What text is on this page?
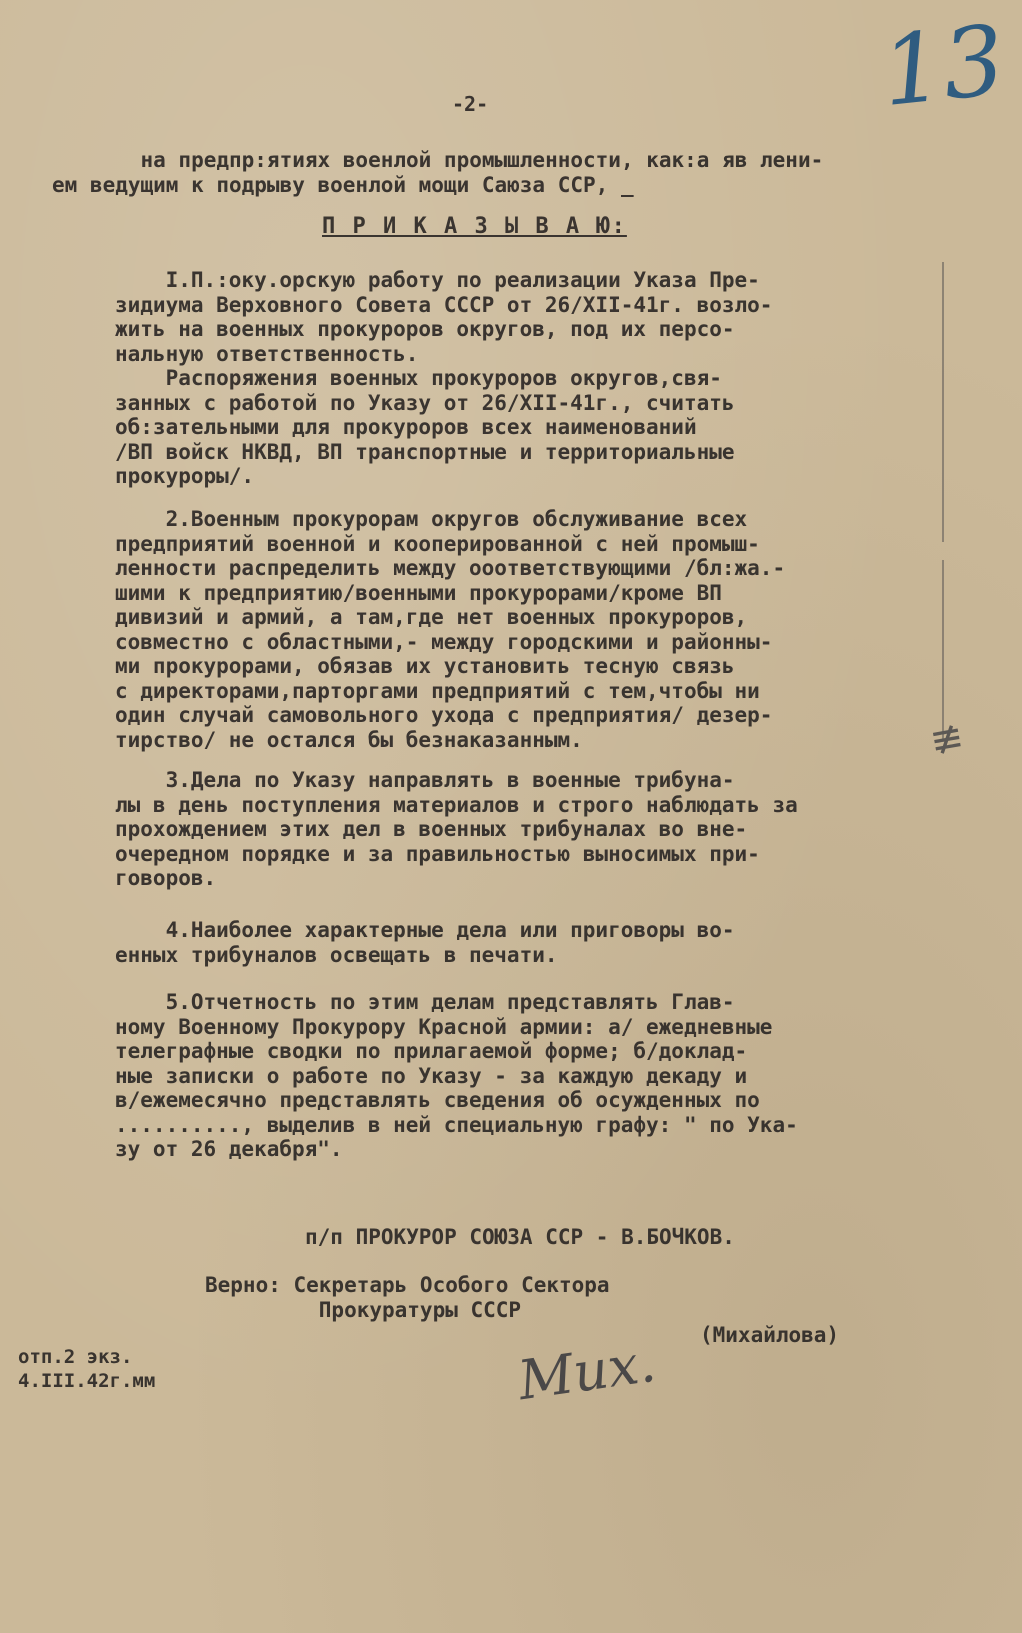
-2-
на предпр:ятиях военлой промышленности, как:а яв лени-
ем ведущим к подрыву военлой мощи Саюза ССР, _
П Р И К А З Ы В А Ю:
I.П.:оку.орскую работу по реализации Указа Пре-
зидиума Верховного Совета СССР от 26/XII-41г. возло-
жить на военных прокуроров округов, под их персо-
нальную ответственность.
Распоряжения военных прокуроров округов,свя-
занных с работой по Указу от 26/XII-41г., считать
об:зательными для прокуроров всех наименований
/ВП войск НКВД, ВП транспортные и территориальные
прокуроры/.
2.Военным прокурорам округов обслуживание всех
предприятий военной и кооперированной с ней промыш-
ленности распределить между ооответствующими /бл:жа.-
шими к предприятию/военными прокурорами/кроме ВП
дивизий и армий, а там,где нет военных прокуроров,
совместно с областными,- между городскими и районны-
ми прокурорами, обязав их установить тесную связь
с директорами,парторгами предприятий с тем,чтобы ни
один случай самовольного ухода с предприятия/ дезер-
тирство/ не остался бы безнаказанным.
3.Дела по Указу направлять в военные трибуна-
лы в день поступления материалов и строго наблюдать за
прохождением этих дел в военных трибуналах во вне-
очередном порядке и за правильностью выносимых при-
говоров.
4.Наиболее характерные дела или приговоры во-
енных трибуналов освещать в печати.
5.Отчетность по этим делам представлять Глав-
ному Военному Прокурору Красной армии: а/ ежедневные
телеграфные сводки по прилагаемой форме; б/доклад-
ные записки о работе по Указу - за каждую декаду и
в/ежемесячно представлять сведения об осужденных по
.........., выделив в ней специальную графу: " по Ука-
зу от 26 декабря".
п/п ПРОКУРОР СОЮЗА ССР - В.БОЧКОВ.
Верно: Секретарь Особого Сектора
Прокуратуры СССР
(Михайлова)
отп.2 экз.
4.III.42г.мм
13
Мих.
≢
